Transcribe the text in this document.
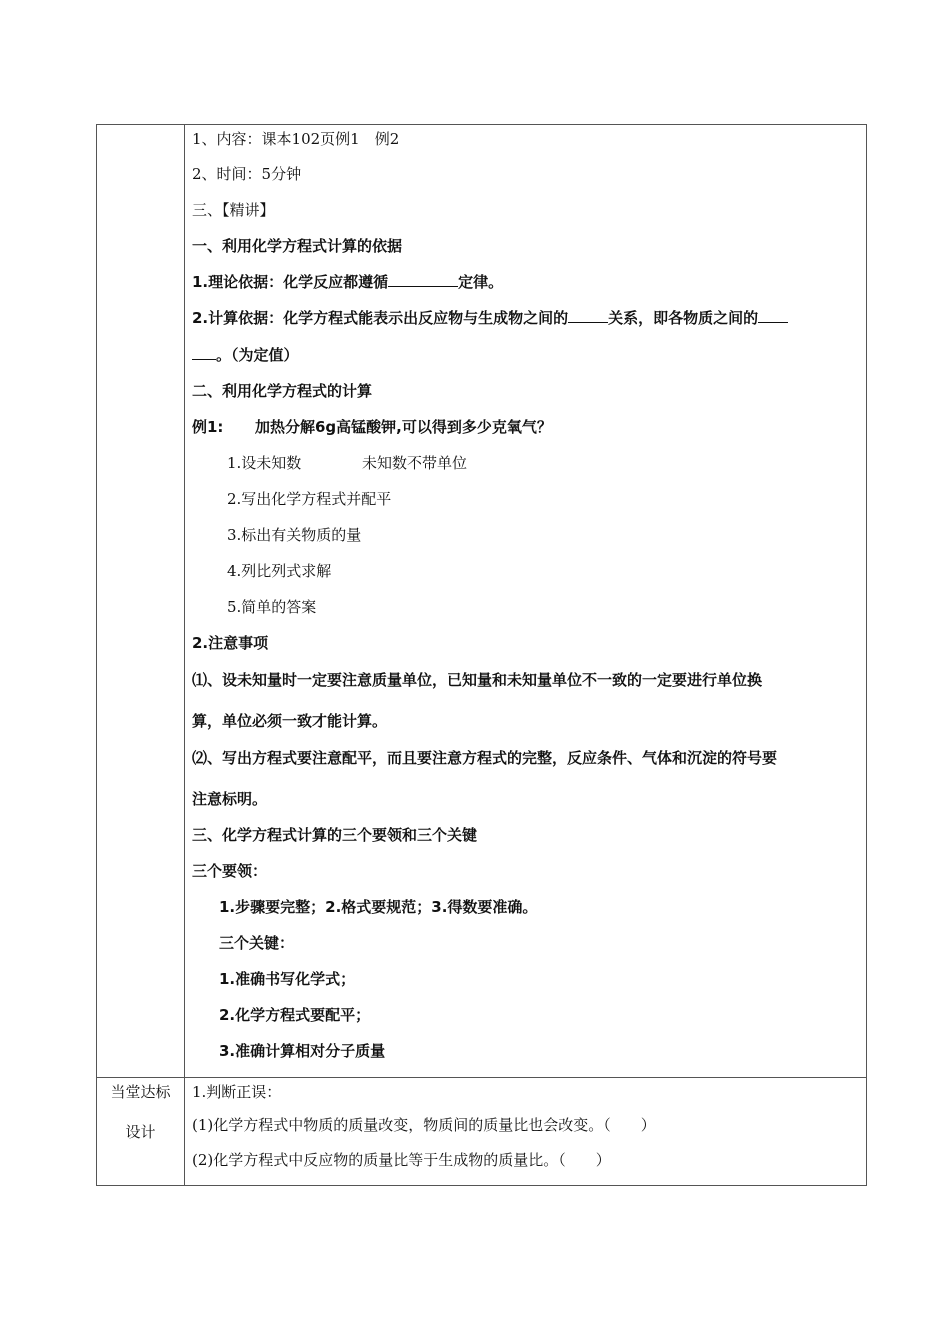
1、内容：课本102页例1　例2
2、时间：5分钟
三、【精讲】
一、利用化学方程式计算的依据
1.理论依据：化学反应都遵循	定律。
2.计算依据：化学方程式能表示出反应物与生成物之间的	关系，即各物质之间的
。（为定值）
二、利用化学方程式的计算
例1: 加热分解6g高锰酸钾,可以得到多少克氧气？
1.设未知数	未知数不带单位
2.写出化学方程式并配平
3.标出有关物质的量
4.列比列式求解
5.简单的答案
2.注意事项
⑴、设未知量时一定要注意质量单位，已知量和未知量单位不一致的一定要进行单位换
算，单位必须一致才能计算。
⑵、写出方程式要注意配平，而且要注意方程式的完整，反应条件、气体和沉淀的符号要
注意标明。
三、化学方程式计算的三个要领和三个关键
三个要领：
1.步骤要完整；2.格式要规范；3.得数要准确。
三个关键：
1.准确书写化学式；
2.化学方程式要配平；
3.准确计算相对分子质量
当堂达标
设计
1.判断正误：
(1)化学方程式中物质的质量改变，物质间的质量比也会改变。（　　）
(2)化学方程式中反应物的质量比等于生成物的质量比。（　　）
